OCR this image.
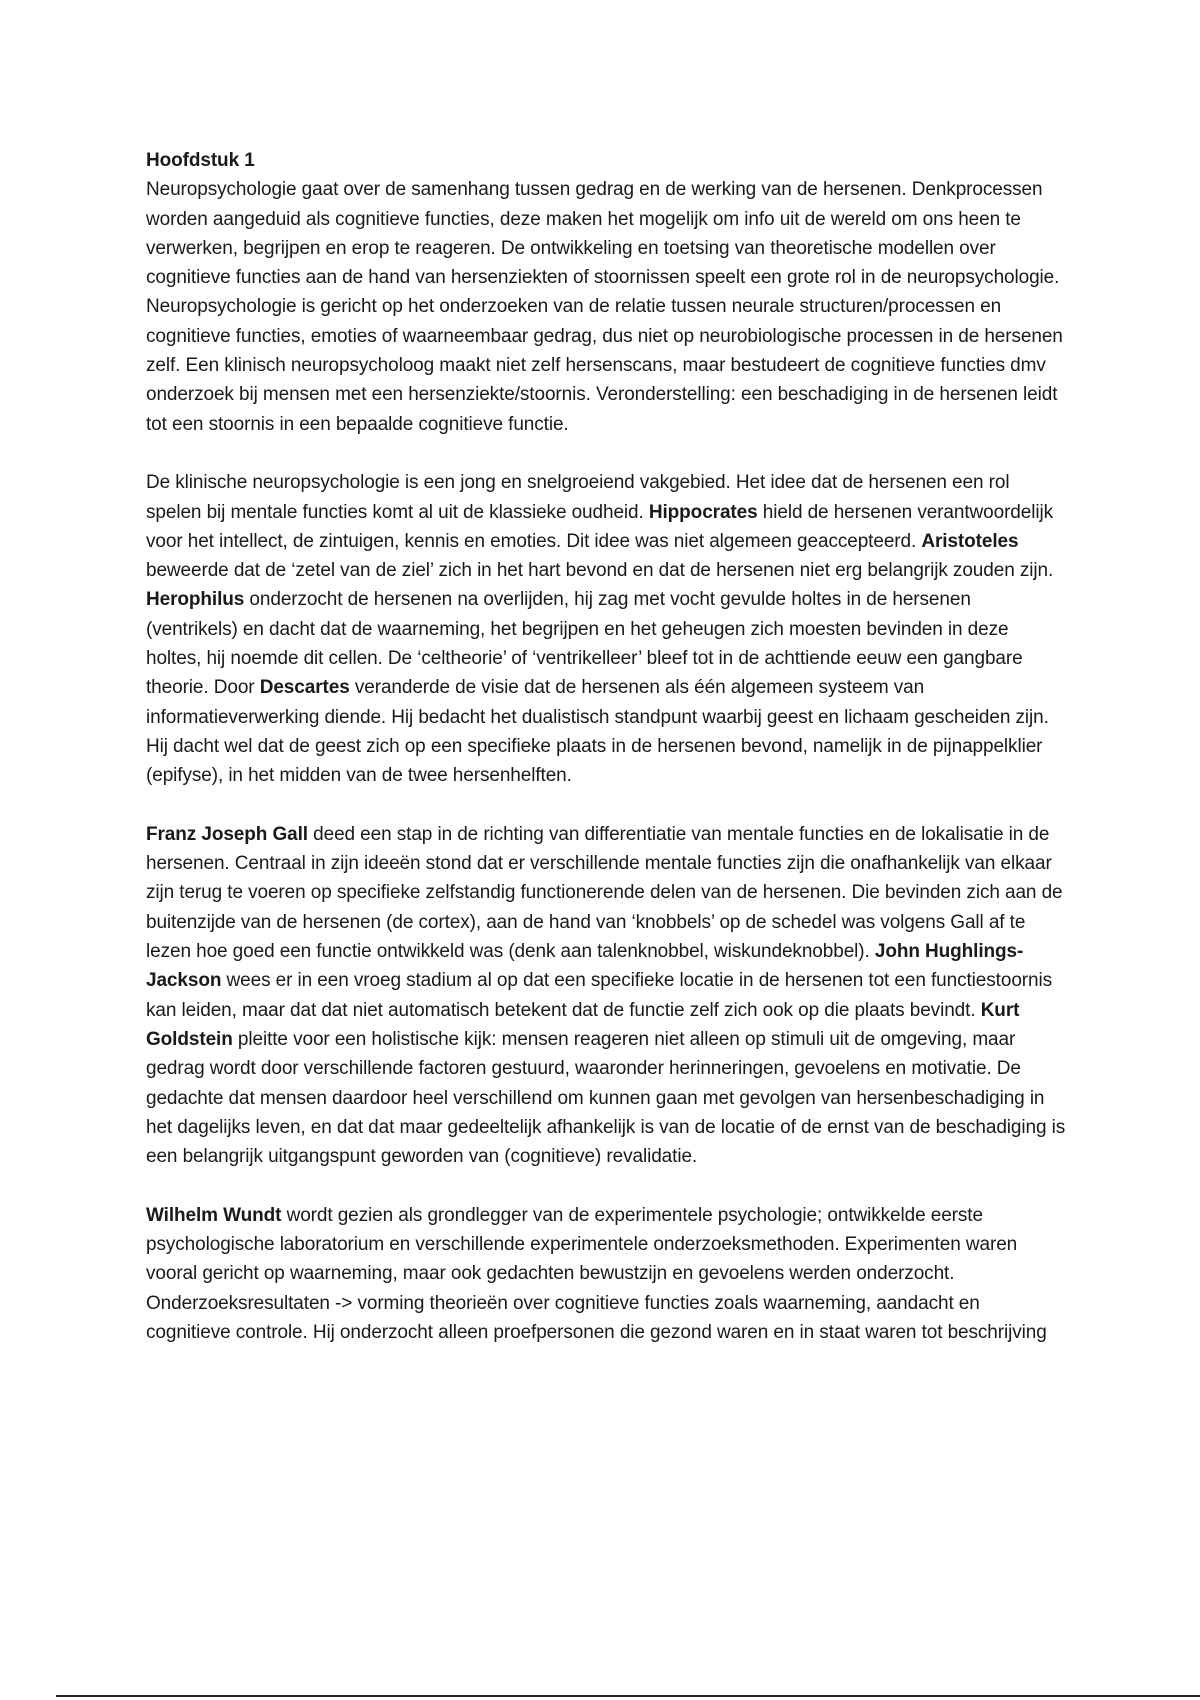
Hoofdstuk 1

Neuropsychologie gaat over de samenhang tussen gedrag en de werking van de hersenen. Denkprocessen worden aangeduid als cognitieve functies, deze maken het mogelijk om info uit de wereld om ons heen te verwerken, begrijpen en erop te reageren. De ontwikkeling en toetsing van theoretische modellen over cognitieve functies aan de hand van hersenziekten of stoornissen speelt een grote rol in de neuropsychologie. Neuropsychologie is gericht op het onderzoeken van de relatie tussen neurale structuren/processen en cognitieve functies, emoties of waarneembaar gedrag, dus niet op neurobiologische processen in de hersenen zelf. Een klinisch neuropsycholoog maakt niet zelf hersenscans, maar bestudeert de cognitieve functies dmv onderzoek bij mensen met een hersenziekte/stoornis. Veronderstelling: een beschadiging in de hersenen leidt tot een stoornis in een bepaalde cognitieve functie.

De klinische neuropsychologie is een jong en snelgroeiend vakgebied. Het idee dat de hersenen een rol spelen bij mentale functies komt al uit de klassieke oudheid. Hippocrates hield de hersenen verantwoordelijk voor het intellect, de zintuigen, kennis en emoties. Dit idee was niet algemeen geaccepteerd. Aristoteles beweerde dat de ‘zetel van de ziel’ zich in het hart bevond en dat de hersenen niet erg belangrijk zouden zijn. Herophilus onderzocht de hersenen na overlijden, hij zag met vocht gevulde holtes in de hersenen (ventrikels) en dacht dat de waarneming, het begrijpen en het geheugen zich moesten bevinden in deze holtes, hij noemde dit cellen. De ‘celtheorie’ of ‘ventrikelleer’ bleef tot in de achttiende eeuw een gangbare theorie. Door Descartes veranderde de visie dat de hersenen als één algemeen systeem van informatieverwerking diende. Hij bedacht het dualistisch standpunt waarbij geest en lichaam gescheiden zijn. Hij dacht wel dat de geest zich op een specifieke plaats in de hersenen bevond, namelijk in de pijnappelklier (epifyse), in het midden van de twee hersenhelften.

Franz Joseph Gall deed een stap in de richting van differentiatie van mentale functies en de lokalisatie in de hersenen. Centraal in zijn ideeën stond dat er verschillende mentale functies zijn die onafhankelijk van elkaar zijn terug te voeren op specifieke zelfstandig functionerende delen van de hersenen. Die bevinden zich aan de buitenzijde van de hersenen (de cortex), aan de hand van ‘knobbels’ op de schedel was volgens Gall af te lezen hoe goed een functie ontwikkeld was (denk aan talenknobbel, wiskundeknobbel). John Hughlings-Jackson wees er in een vroeg stadium al op dat een specifieke locatie in de hersenen tot een functiestoornis kan leiden, maar dat dat niet automatisch betekent dat de functie zelf zich ook op die plaats bevindt. Kurt Goldstein pleitte voor een holistische kijk: mensen reageren niet alleen op stimuli uit de omgeving, maar gedrag wordt door verschillende factoren gestuurd, waaronder herinneringen, gevoelens en motivatie. De gedachte dat mensen daardoor heel verschillend om kunnen gaan met gevolgen van hersenbeschadiging in het dagelijks leven, en dat dat maar gedeeltelijk afhankelijk is van de locatie of de ernst van de beschadiging is een belangrijk uitgangspunt geworden van (cognitieve) revalidatie.

Wilhelm Wundt wordt gezien als grondlegger van de experimentele psychologie; ontwikkelde eerste psychologische laboratorium en verschillende experimentele onderzoeksmethoden. Experimenten waren vooral gericht op waarneming, maar ook gedachten bewustzijn en gevoelens werden onderzocht. Onderzoeksresultaten -> vorming theorieën over cognitieve functies zoals waarneming, aandacht en cognitieve controle. Hij onderzocht alleen proefpersonen die gezond waren en in staat waren tot beschrijving
